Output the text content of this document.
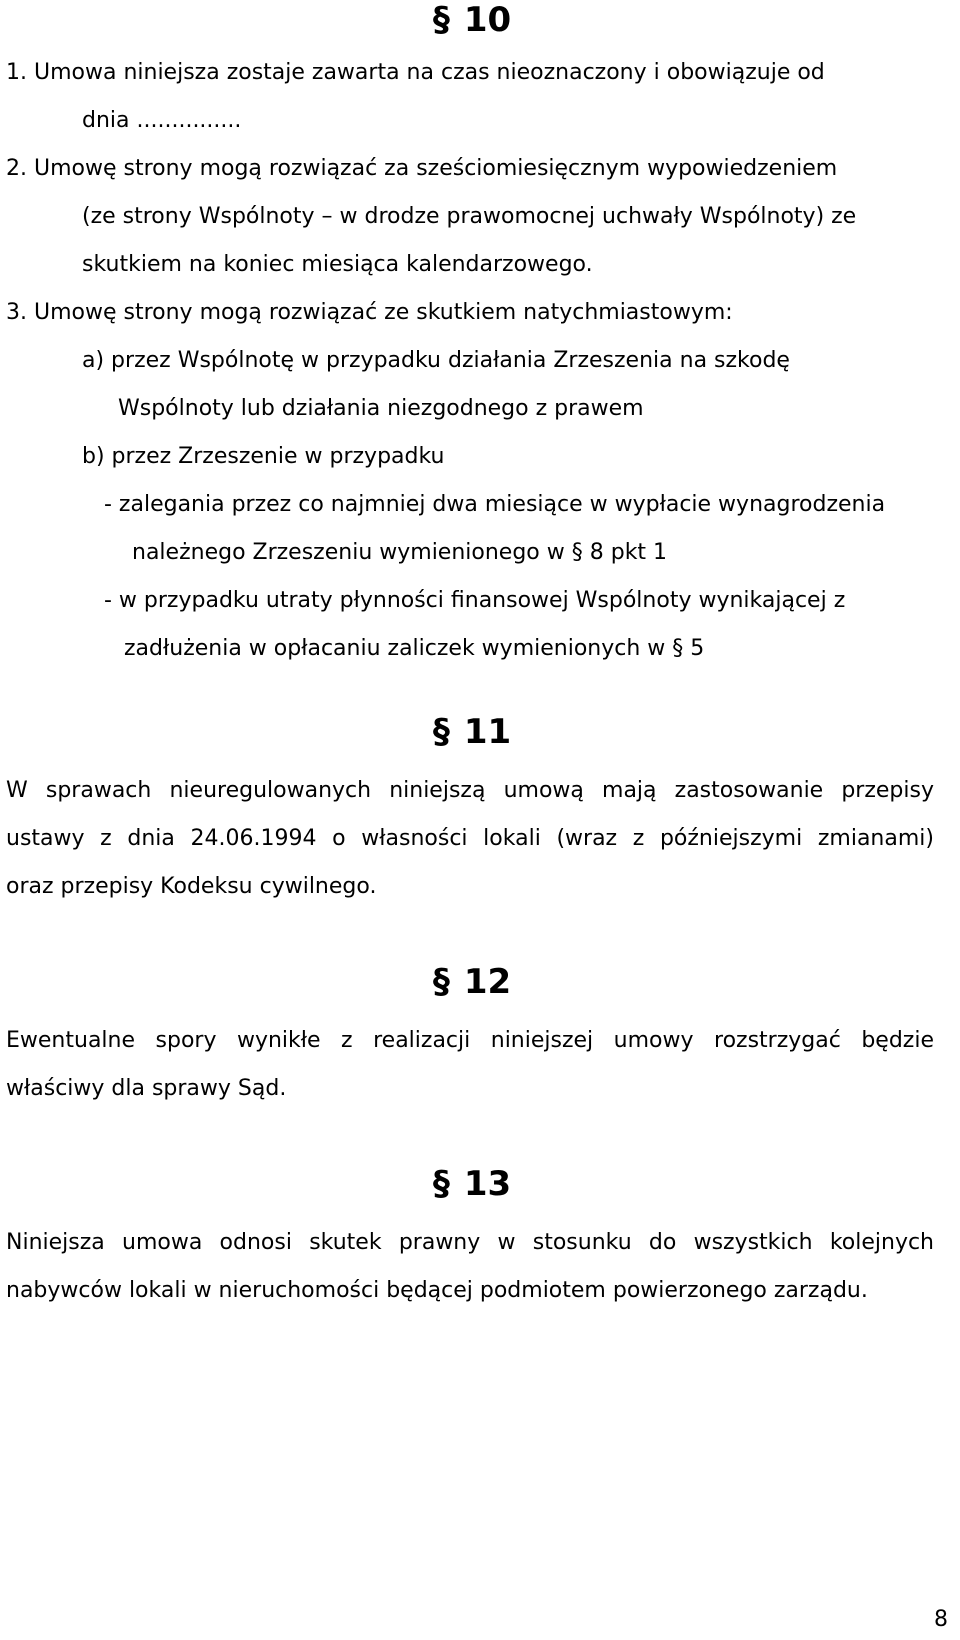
§ 10
1. Umowa niniejsza zostaje zawarta na czas nieoznaczony i obowiązuje od
dnia ...............
2. Umowę strony mogą rozwiązać za sześciomiesięcznym wypowiedzeniem
(ze strony Wspólnoty – w drodze prawomocnej uchwały Wspólnoty) ze
skutkiem na koniec miesiąca kalendarzowego.
3. Umowę strony mogą rozwiązać ze skutkiem natychmiastowym:
a) przez Wspólnotę w przypadku działania Zrzeszenia na szkodę
Wspólnoty lub działania niezgodnego z prawem
b) przez Zrzeszenie w przypadku
- zalegania przez co najmniej dwa miesiące w wypłacie wynagrodzenia
należnego Zrzeszeniu wymienionego w § 8 pkt 1
- w przypadku utraty płynności finansowej Wspólnoty wynikającej z
zadłużenia w opłacaniu zaliczek wymienionych w § 5
§ 11
W sprawach nieuregulowanych niniejszą umową mają zastosowanie przepisy
ustawy z dnia 24.06.1994 o własności lokali (wraz z późniejszymi zmianami)
oraz przepisy Kodeksu cywilnego.
§ 12
Ewentualne spory wynikłe z realizacji niniejszej umowy rozstrzygać będzie
właściwy dla sprawy Sąd.
§ 13
Niniejsza umowa odnosi skutek prawny w stosunku do wszystkich kolejnych
nabywców lokali w nieruchomości będącej podmiotem powierzonego zarządu.
8
